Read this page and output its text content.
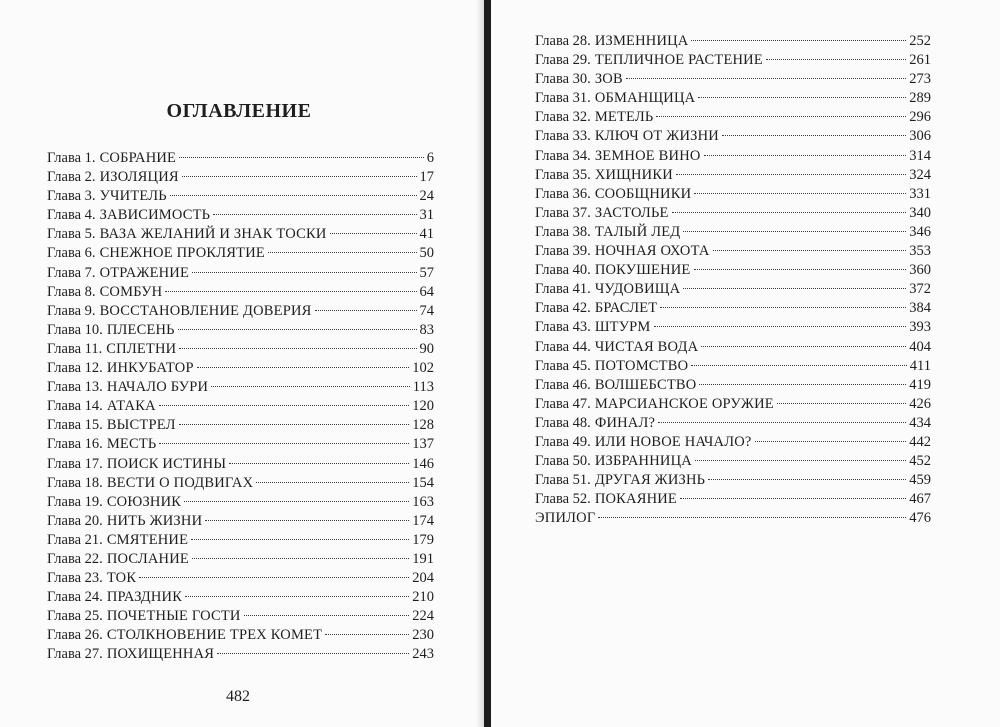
ОГЛАВЛЕНИЕ
Глава 1. СОБРАНИЕ	6
Глава 2. ИЗОЛЯЦИЯ	17
Глава 3. УЧИТЕЛЬ	24
Глава 4. ЗАВИСИМОСТЬ	31
Глава 5. ВАЗА ЖЕЛАНИЙ И ЗНАК ТОСКИ	41
Глава 6. СНЕЖНОЕ ПРОКЛЯТИЕ	50
Глава 7. ОТРАЖЕНИЕ	57
Глава 8. СОМБУН	64
Глава 9. ВОССТАНОВЛЕНИЕ ДОВЕРИЯ	74
Глава 10. ПЛЕСЕНЬ	83
Глава 11. СПЛЕТНИ	90
Глава 12. ИНКУБАТОР	102
Глава 13. НАЧАЛО БУРИ	113
Глава 14. АТАКА	120
Глава 15. ВЫСТРЕЛ	128
Глава 16. МЕСТЬ	137
Глава 17. ПОИСК ИСТИНЫ	146
Глава 18. ВЕСТИ О ПОДВИГАХ	154
Глава 19. СОЮЗНИК	163
Глава 20. НИТЬ ЖИЗНИ	174
Глава 21. СМЯТЕНИЕ	179
Глава 22. ПОСЛАНИЕ	191
Глава 23. ТОК	204
Глава 24. ПРАЗДНИК	210
Глава 25. ПОЧЕТНЫЕ ГОСТИ	224
Глава 26. СТОЛКНОВЕНИЕ ТРЕХ КОМЕТ	230
Глава 27. ПОХИЩЕННАЯ	243
482
Глава 28. ИЗМЕННИЦА	252
Глава 29. ТЕПЛИЧНОЕ РАСТЕНИЕ	261
Глава 30. ЗОВ	273
Глава 31. ОБМАНЩИЦА	289
Глава 32. МЕТЕЛЬ	296
Глава 33. КЛЮЧ ОТ ЖИЗНИ	306
Глава 34. ЗЕМНОЕ ВИНО	314
Глава 35. ХИЩНИКИ	324
Глава 36. СООБЩНИКИ	331
Глава 37. ЗАСТОЛЬЕ	340
Глава 38. ТАЛЫЙ ЛЕД	346
Глава 39. НОЧНАЯ ОХОТА	353
Глава 40. ПОКУШЕНИЕ	360
Глава 41. ЧУДОВИЩА	372
Глава 42. БРАСЛЕТ	384
Глава 43. ШТУРМ	393
Глава 44. ЧИСТАЯ ВОДА	404
Глава 45. ПОТОМСТВО	411
Глава 46. ВОЛШЕБСТВО	419
Глава 47. МАРСИАНСКОЕ ОРУЖИЕ	426
Глава 48. ФИНАЛ?	434
Глава 49. ИЛИ НОВОЕ НАЧАЛО?	442
Глава 50. ИЗБРАННИЦА	452
Глава 51. ДРУГАЯ ЖИЗНЬ	459
Глава 52. ПОКАЯНИЕ	467
ЭПИЛОГ	476
